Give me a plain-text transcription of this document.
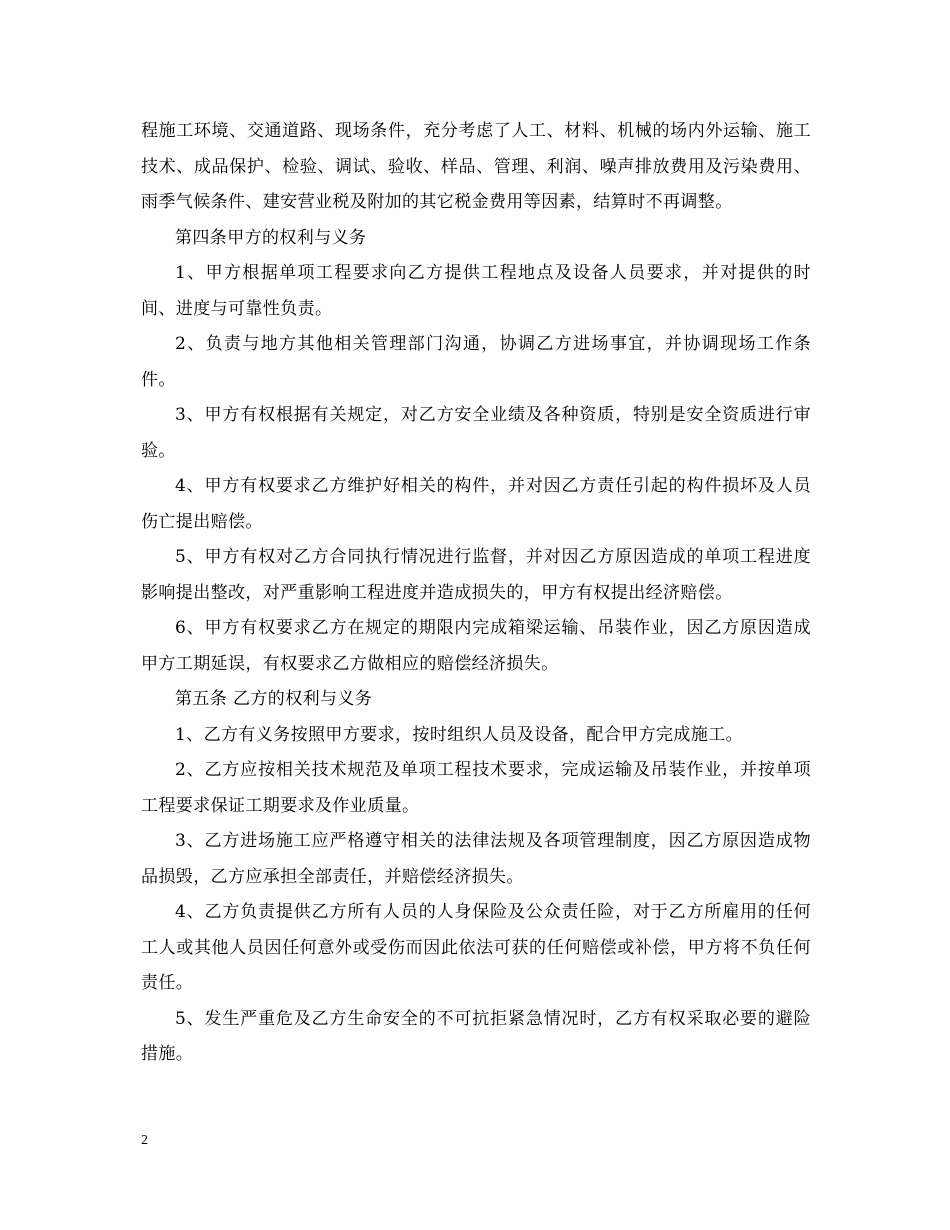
程施工环境、交通道路、现场条件，充分考虑了人工、材料、机械的场内外运输、施工技术、成品保护、检验、调试、验收、样品、管理、利润、噪声排放费用及污染费用、雨季气候条件、建安营业税及附加的其它税金费用等因素，结算时不再调整。

第四条甲方的权利与义务

1、甲方根据单项工程要求向乙方提供工程地点及设备人员要求，并对提供的时间、进度与可靠性负责。

2、负责与地方其他相关管理部门沟通，协调乙方进场事宜，并协调现场工作条件。

3、甲方有权根据有关规定，对乙方安全业绩及各种资质，特别是安全资质进行审验。

4、甲方有权要求乙方维护好相关的构件，并对因乙方责任引起的构件损坏及人员伤亡提出赔偿。

5、甲方有权对乙方合同执行情况进行监督，并对因乙方原因造成的单项工程进度影响提出整改，对严重影响工程进度并造成损失的，甲方有权提出经济赔偿。

6、甲方有权要求乙方在规定的期限内完成箱梁运输、吊装作业，因乙方原因造成甲方工期延误，有权要求乙方做相应的赔偿经济损失。

第五条 乙方的权利与义务

1、乙方有义务按照甲方要求，按时组织人员及设备，配合甲方完成施工。

2、乙方应按相关技术规范及单项工程技术要求，完成运输及吊装作业，并按单项工程要求保证工期要求及作业质量。

3、乙方进场施工应严格遵守相关的法律法规及各项管理制度，因乙方原因造成物品损毁，乙方应承担全部责任，并赔偿经济损失。

4、乙方负责提供乙方所有人员的人身保险及公众责任险，对于乙方所雇用的任何工人或其他人员因任何意外或受伤而因此依法可获的任何赔偿或补偿，甲方将不负任何责任。

5、发生严重危及乙方生命安全的不可抗拒紧急情况时，乙方有权采取必要的避险措施。

2
